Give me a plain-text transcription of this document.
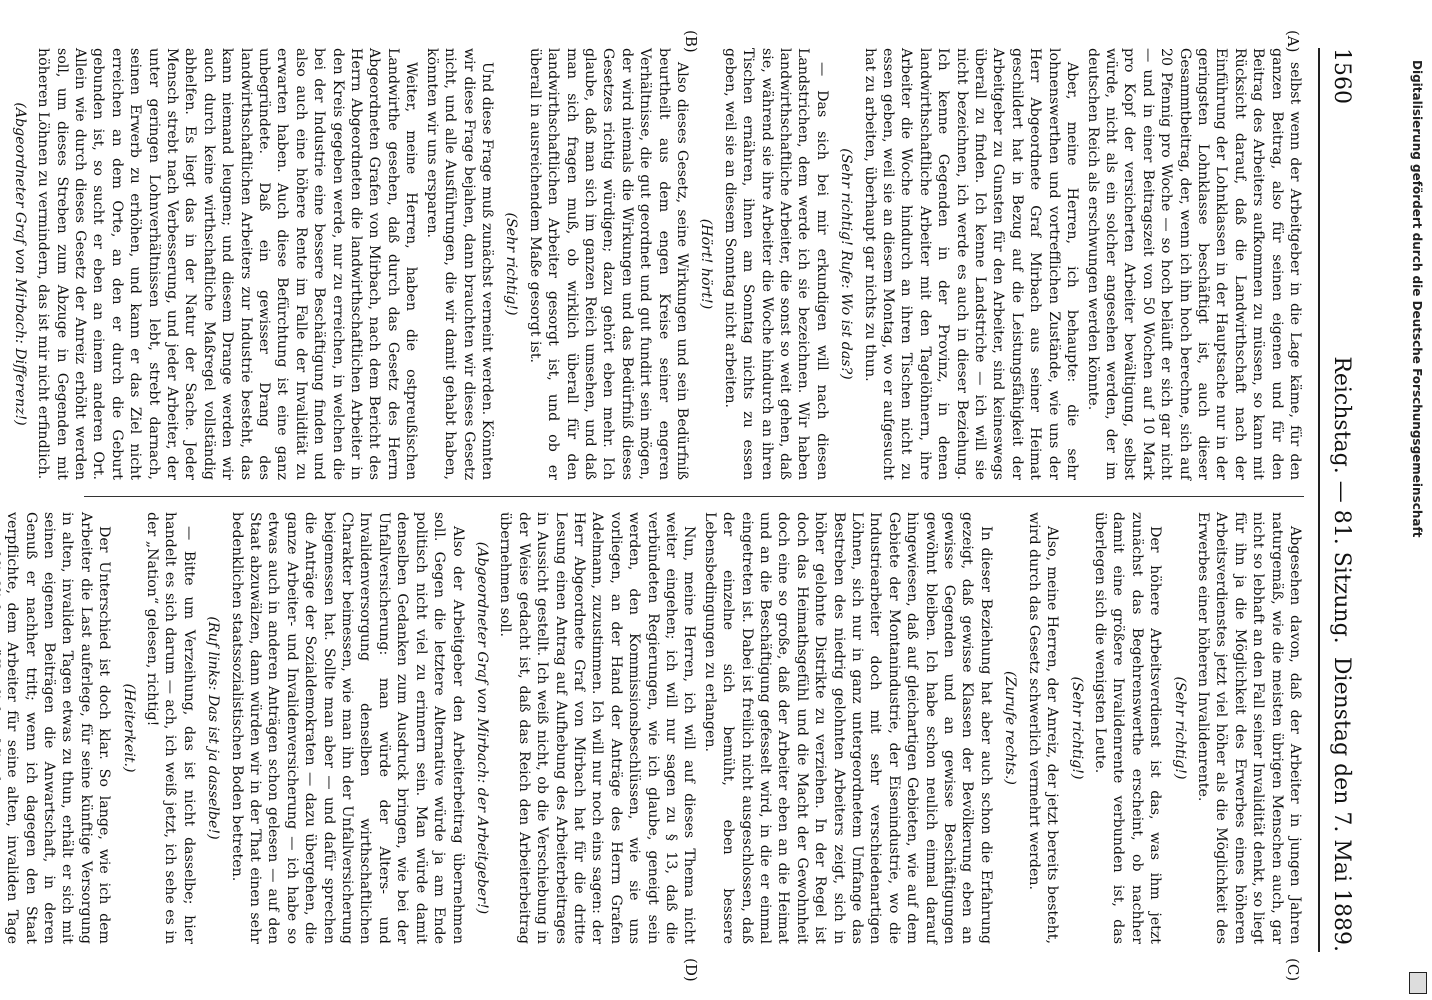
1560
Reichstag. — 81. Sitzung.
Dienstag den 7. Mai 1889.
(A)
(B)
(C)
(D)

selbst wenn der Arbeitgeber in die Lage käme, für den ganzen Beitrag, also für seinen eigenen und für den Beitrag des Arbeiters aufkommen zu müssen, so kann mit Rücksicht darauf, daß die Landwirthschaft nach der Einführung der Lohnklassen in der Hauptsache nur in der geringsten Lohnklasse beschäftigt ist, auch dieser Gesammtbeitrag, der, wenn ich ihn hoch berechne, sich auf 20 Pfennig pro Woche — so hoch beläuft er sich gar nicht — und in einer Beitragszeit von 50 Wochen auf 10 Mark pro Kopf der versicherten Arbeiter bewältigung, selbst würde, nicht als ein solcher angesehen werden, der im deutschen Reich als erschwungen werden könnte.

Aber, meine Herren, ich behaupte: die sehr lohnenswerthen und vortrefflichen Zustände, wie uns der Herr Abgeordnete Graf Mirbach aus seiner Heimat geschildert hat in Bezug auf die Leistungsfähigkeit der Arbeitgeber zu Gunsten für den Arbeiter, sind keineswegs überall zu finden. Ich kenne Landstriche — ich will sie nicht bezeichnen, ich werde es auch in dieser Beziehung. Ich kenne Gegenden in der Provinz, in denen landwirthschaftliche Arbeiter mit den Tagelöhnern, ihre Arbeiter die Woche hindurch an ihren Tischen nicht zu essen geben, weil sie an diesem Montag, wo er aufgesucht hat zu arbeiten, überhaupt gar nichts zu thun.

(Sehr richtig! Rufe: Wo ist das?)

— Das sich bei mir erkundigen will nach diesen Landstrichen, dem werde ich sie bezeichnen. Wir haben landwirthschaftliche Arbeiter, die sonst so weit gehen, daß sie, während sie ihre Arbeiter die Woche hindurch an ihren Tischen ernähren, ihnen am Sonntag nichts zu essen geben, weil sie an diesem Sonntag nicht arbeiten.

(Hört! hört!)

Also dieses Gesetz, seine Wirkungen und sein Bedürfniß beurtheilt aus dem engen Kreise seiner engeren Verhältnisse, die gut geordnet und gut fundirt sein mögen, der wird niemals die Wirkungen und das Bedürfniß dieses Gesetzes richtig würdigen; dazu gehört eben mehr. Ich glaube, daß man sich im ganzen Reich umsehen, und daß man sich fragen muß, ob wirklich überall für den landwirthschaftlichen Arbeiter gesorgt ist, und ob er überall in ausreichendem Maße gesorgt ist.

(Sehr richtig!)

Und diese Frage muß zunächst verneint werden. Könnten wir diese Frage bejahen, dann brauchten wir dieses Gesetz nicht, und alle Ausführungen, die wir damit gehabt haben, könnten wir uns ersparen.

Weiter, meine Herren, haben die ostpreußischen Landwirthe gesehen, daß durch das Gesetz des Herrn Abgeordneten Grafen von Mirbach, nach dem Bericht des Herrn Abgeordneten die landwirthschaftlichen Arbeiter in den Kreis gegeben werde, nur zu erreichen, in welchen die bei der Industrie eine bessere Beschäftigung finden und also auch eine höhere Rente im Falle der Invalidität zu erwarten haben. Auch diese Befürchtung ist eine ganz unbegründete. Daß ein gewisser Drang des landwirthschaftlichen Arbeiters zur Industrie besteht, das kann niemand leugnen; und diesem Drange werden wir auch durch keine wirthschaftliche Maßregel vollständig abhelfen. Es liegt das in der Natur der Sache. Jeder Mensch strebt nach Verbesserung, und jeder Arbeiter, der unter geringen Lohnverhältnissen lebt, strebt darnach, seinen Erwerb zu erhöhen, und kann er das Ziel nicht erreichen an dem Orte, an den er durch die Geburt gebunden ist, so sucht er eben an einem anderen Ort. Allein wie durch dieses Gesetz der Anreiz erhöht werden soll, um dieses Streben zum Abzuge in Gegenden mit höheren Löhnen zu vermindern, das ist mir nicht erfindlich.

(Abgeordneter Graf von Mirbach: Differenz!)

Abgesehen davon, daß der Arbeiter in jungen Jahren naturgemäß, wie die meisten übrigen Menschen auch, gar nicht so lebhaft an den Fall seiner Invalidität denkt, so liegt für ihn ja die Möglichkeit des Erwerbes eines höheren Arbeitsverdienstes jetzt viel höher als die Möglichkeit des Erwerbes einer höheren Invalidenrente.

(Sehr richtig!)

Der höhere Arbeitsverdienst ist das, was ihm jetzt zunächst das Begehrenswerthe erscheint, ob nachher damit eine größere Invalidenrente verbunden ist, das überlegen sich die wenigsten Leute.

(Sehr richtig!)

Also, meine Herren, der Anreiz, der jetzt bereits besteht, wird durch das Gesetz schwerlich vermehrt werden.

(Zurufe rechts.)

In dieser Beziehung hat aber auch schon die Erfahrung gezeigt, daß gewisse Klassen der Bevölkerung eben an gewisse Gegenden und an gewisse Beschäftigungen gewöhnt bleiben. Ich habe schon neulich einmal darauf hingewiesen, daß auf gleichartigen Gebieten, wie auf dem Gebiete der Montanindustrie, der Eisenindustrie, wo die Industriearbeiter doch mit sehr verschiedenartigen Löhnen, sich nur in ganz untergeordnetem Umfange das Bestreben des niedrig gelohnten Arbeiters zeigt, sich in höher gelohnte Distrikte zu verziehen. In der Regel ist doch das Heimathsgefühl und die Macht der Gewohnheit doch eine so große, daß der Arbeiter eben an die Heimat und an die Beschäftigung gefesselt wird, in die er einmal eingetreten ist. Dabei ist freilich nicht ausgeschlossen, daß der einzelne sich bemüht, eben bessere Lebensbedingungen zu erlangen.

Nun, meine Herren, ich will auf dieses Thema nicht weiter eingehen; ich will nur sagen zu § 13, daß die verbündeten Regierungen, wie ich glaube, geneigt sein werden, den Kommissionsbeschlüssen, wie sie uns vorliegen, an der Hand der Anträge des Herrn Grafen Adelmann, zuzustimmen. Ich will nur noch eins sagen: der Herr Abgeordnete Graf von Mirbach hat für die dritte Lesung einen Antrag auf Aufhebung des Arbeiterbeitrages in Aussicht gestellt. Ich weiß nicht, ob die Verschiebung in der Weise gedacht ist, daß das Reich den Arbeiterbeitrag übernehmen soll.

(Abgeordneter Graf von Mirbach: der Arbeitgeber!)

Also der Arbeitgeber den Arbeiterbeitrag übernehmen soll. Gegen die letztere Alternative würde ja am Ende politisch nicht viel zu erinnern sein. Man würde damit denselben Gedanken zum Ausdruck bringen, wie bei der Unfallversicherung: man würde der Alters- und Invalidenversorgung denselben wirthschaftlichen Charakter beimessen, wie man ihn der Unfallversicherung beigemessen hat. Sollte man aber — und dafür sprechen die Anträge der Sozialdemokraten — dazu übergehen, die ganze Arbeiter- und Invalidenversicherung — ich habe so etwas auch in anderen Anträgen schon gelesen — auf den Staat abzuwälzen, dann würden wir in der That einen sehr bedenklichen staatssozialistischen Boden betreten.

(Ruf links: Das ist ja dasselbe!)

— Bitte um Verzeihung, das ist nicht dasselbe; hier handelt es sich darum — ach, ich weiß jetzt, ich sehe es in der „Nation“ gelesen, richtig!

(Heiterkeit.)

Der Unterschied ist doch klar. So lange, wie ich dem Arbeiter die Last auferlege, für seine künftige Versorgung in alten, invaliden Tagen etwas zu thun, erhält er sich mit seinen eigenen Beiträgen die Anwartschaft, in deren Genuß er nachher tritt; wenn ich dagegen den Staat verpflichte, dem Arbeiter für seine alten, invaliden Tage

Digitalisierung gefördert durch die Deutsche Forschungsgemeinschaft
